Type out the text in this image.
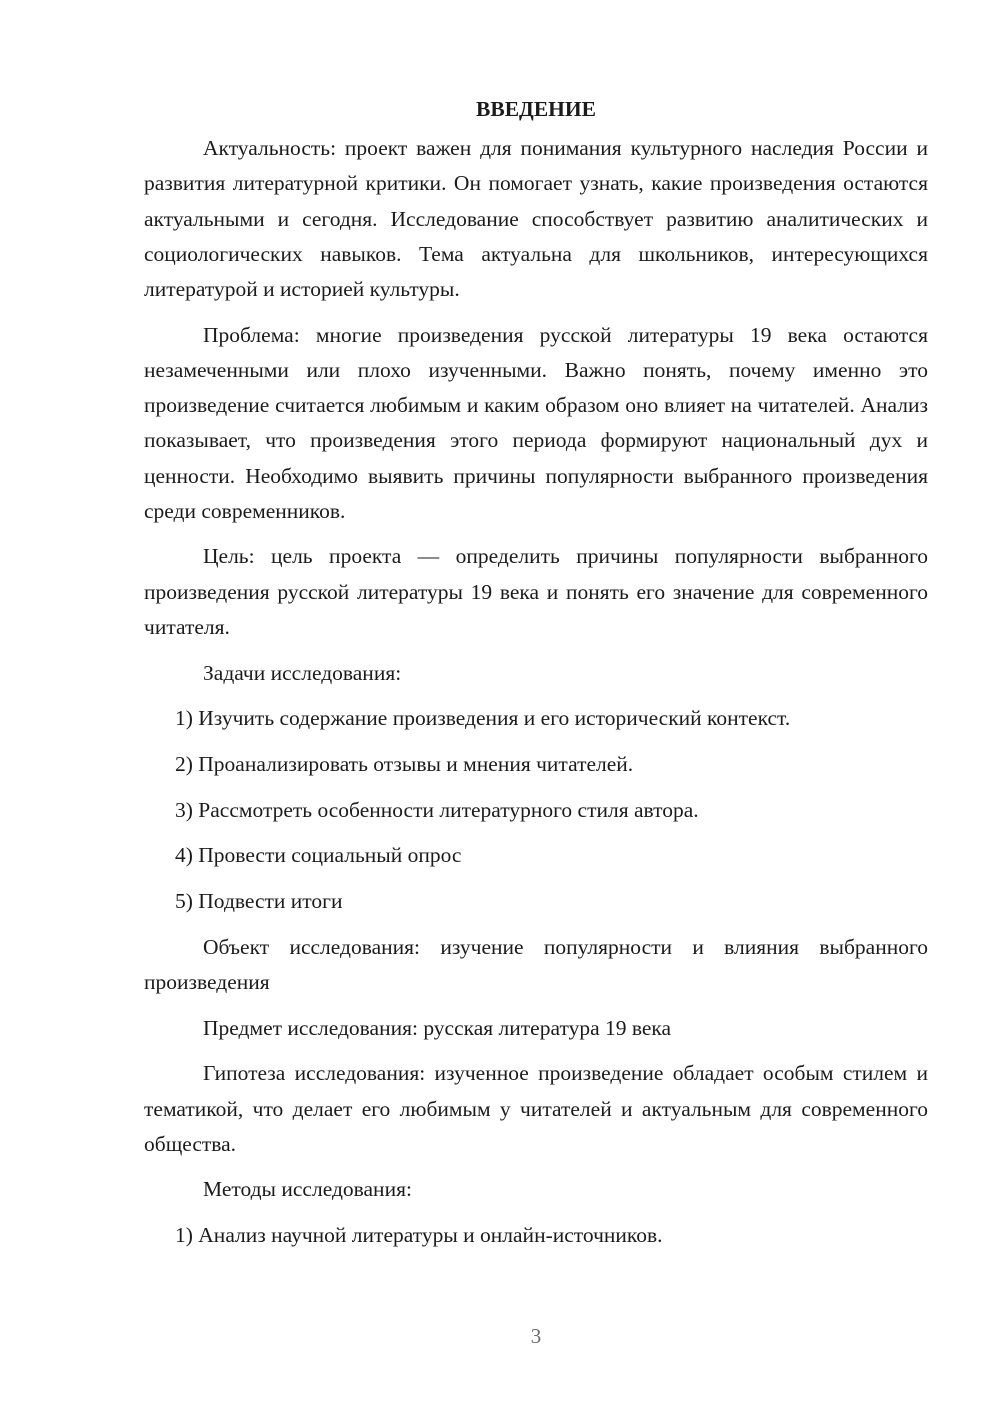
ВВЕДЕНИЕ

Актуальность: проект важен для понимания культурного наследия России и развития литературной критики. Он помогает узнать, какие произведения остаются актуальными и сегодня. Исследование способствует развитию аналитических и социологических навыков. Тема актуальна для школьников, интересующихся литературой и историей культуры.

Проблема: многие произведения русской литературы 19 века остаются незамеченными или плохо изученными. Важно понять, почему именно это произведение считается любимым и каким образом оно влияет на читателей. Анализ показывает, что произведения этого периода формируют национальный дух и ценности. Необходимо выявить причины популярности выбранного произведения среди современников.

Цель: цель проекта — определить причины популярности выбранного произведения русской литературы 19 века и понять его значение для современного читателя.

Задачи исследования:

1) Изучить содержание произведения и его исторический контекст.

2) Проанализировать отзывы и мнения читателей.

3) Рассмотреть особенности литературного стиля автора.

4) Провести социальный опрос

5) Подвести итоги

Объект исследования: изучение популярности и влияния выбранного произведения

Предмет исследования: русская литература 19 века

Гипотеза исследования: изученное произведение обладает особым стилем и тематикой, что делает его любимым у читателей и актуальным для современного общества.

Методы исследования:

1) Анализ научной литературы и онлайн-источников.

3
